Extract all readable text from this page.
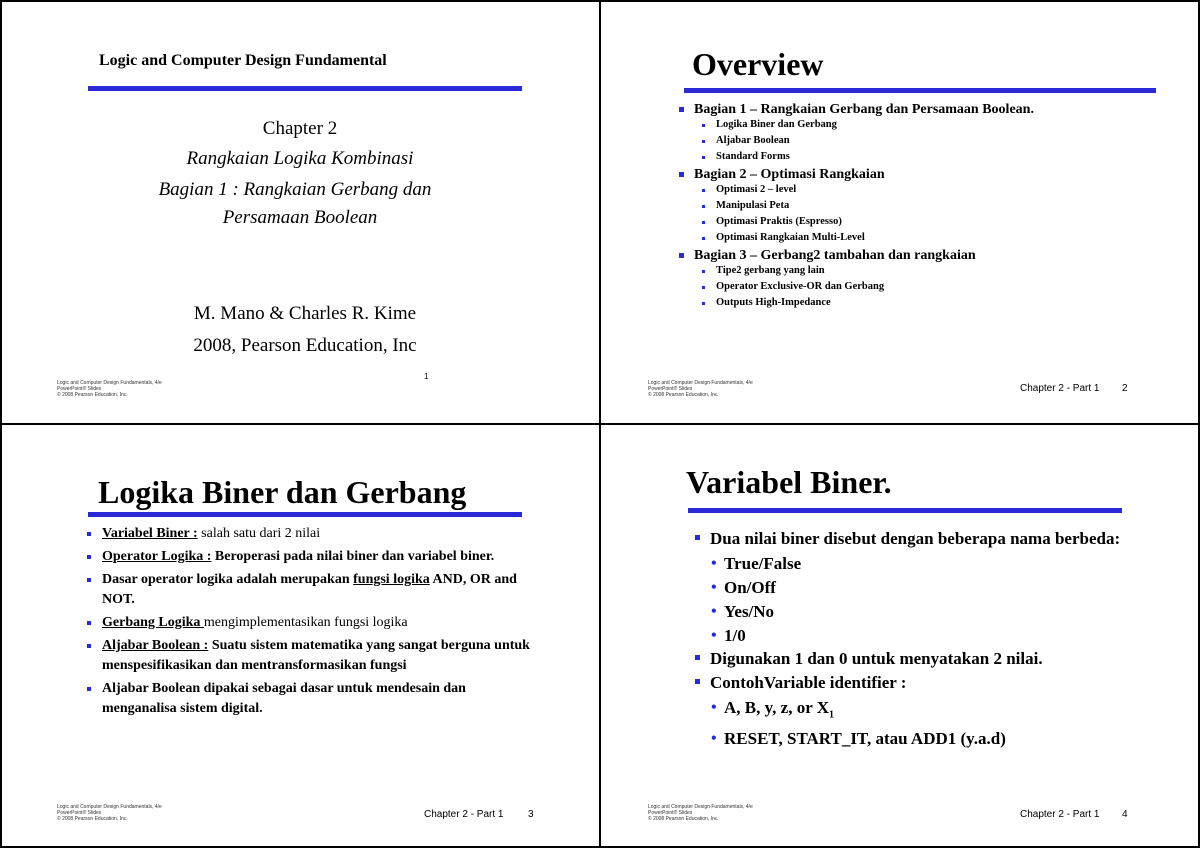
Logic and Computer Design Fundamental
Chapter 2
Rangkaian Logika Kombinasi
Bagian 1 : Rangkaian Gerbang dan
Persamaan Boolean
M. Mano & Charles R. Kime
2008, Pearson Education, Inc
1
Logic and Computer Design Fundamentals, 4/e
PowerPoint® Slides
© 2008 Pearson Education, Inc.
Overview
Bagian 1 – Rangkaian Gerbang dan Persamaan Boolean.
Logika Biner dan Gerbang
Aljabar Boolean
Standard Forms
Bagian 2 – Optimasi Rangkaian
Optimasi 2 – level
Manipulasi Peta
Optimasi Praktis (Espresso)
Optimasi Rangkaian Multi-Level
Bagian 3 – Gerbang2 tambahan dan rangkaian
Tipe2 gerbang yang lain
Operator Exclusive-OR dan Gerbang
Outputs High-Impedance
Logic and Computer Design Fundamentals, 4/e
PowerPoint® Slides
© 2008 Pearson Education, Inc.
Chapter 2 - Part 1 2
Logika Biner dan Gerbang
Variabel Biner : salah satu dari 2 nilai
Operator Logika : Beroperasi pada nilai biner dan variabel biner.
Dasar operator logika adalah merupakan fungsi logika AND, OR and NOT.
Gerbang Logika mengimplementasikan fungsi logika
Aljabar Boolean : Suatu sistem matematika yang sangat berguna untuk menspesifikasikan dan mentransformasikan fungsi
Aljabar Boolean dipakai sebagai dasar untuk mendesain dan menganalisa sistem digital.
Logic and Computer Design Fundamentals, 4/e
PowerPoint® Slides
© 2008 Pearson Education, Inc.	Chapter 2 - Part 1 3
Variabel Biner.
Dua nilai biner disebut dengan beberapa nama berbeda:
• True/False
• On/Off
• Yes/No
• 1/0
Digunakan 1 dan 0 untuk menyatakan 2 nilai.
ContohVariable identifier :
• A, B, y, z, or $X_1$
• RESET, START_IT, atau ADD1 (y.a.d)
Logic and Computer Design Fundamentals, 4/e
PowerPoint® Slides
© 2008 Pearson Education, Inc.	Chapter 2 - Part 1 4
